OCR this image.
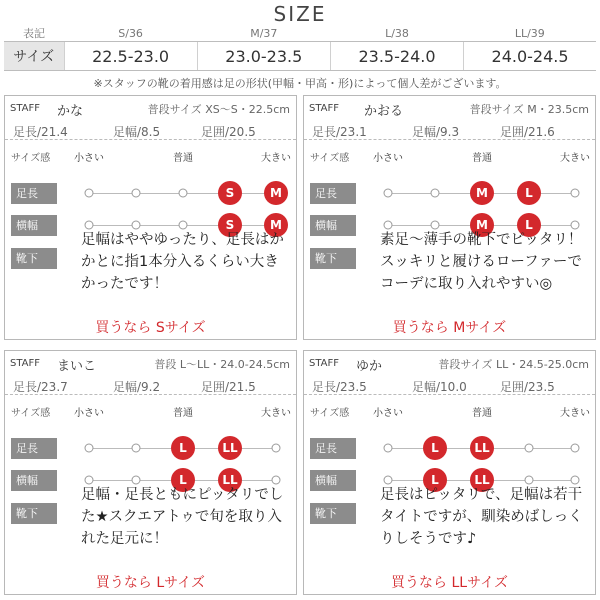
SIZE
表記	S/36	M/37	L/38	LL/39
サイズ	22.5-23.0	23.0-23.5	23.5-24.0	24.0-24.5
※スタッフの靴の着用感は足の形状(甲幅・甲高・形)によって個人差がございます。
STAFF かな	普段サイズ XS〜S・22.5cm
足長/21.4	足幅/8.5	足囲/20.5
サイズ感 小さい	普通	大きい
足長	S	M
横幅	S	M
靴下
足幅はややゆったり、足長はかかとに指1本分入るくらい大きかったです！
買うなら Sサイズ
STAFF かおる	普段サイズ M・23.5cm
足長/23.1	足幅/9.3	足囲/21.6
サイズ感 小さい	普通	大きい
足長	M	L
横幅	M	L
靴下
素足〜薄手の靴下でピッタリ！スッキリと履けるローファーでコーデに取り入れやすい◎
買うなら Mサイズ
STAFF まいこ	普段 L〜LL・24.0-24.5cm
足長/23.7	足幅/9.2	足囲/21.5
サイズ感 小さい	普通	大きい
足長	L	LL
横幅	L	LL
靴下
足幅・足長ともにピッタリでした★スクエアトゥで旬を取り入れた足元に！
買うなら Lサイズ
STAFF ゆか	普段サイズ LL・24.5-25.0cm
足長/23.5	足幅/10.0	足囲/23.5
サイズ感 小さい	普通	大きい
足長	L	LL
横幅	L	LL
靴下
足長はピッタリで、足幅は若干タイトですが、馴染めばしっくりしそうです♪
買うなら LLサイズ
